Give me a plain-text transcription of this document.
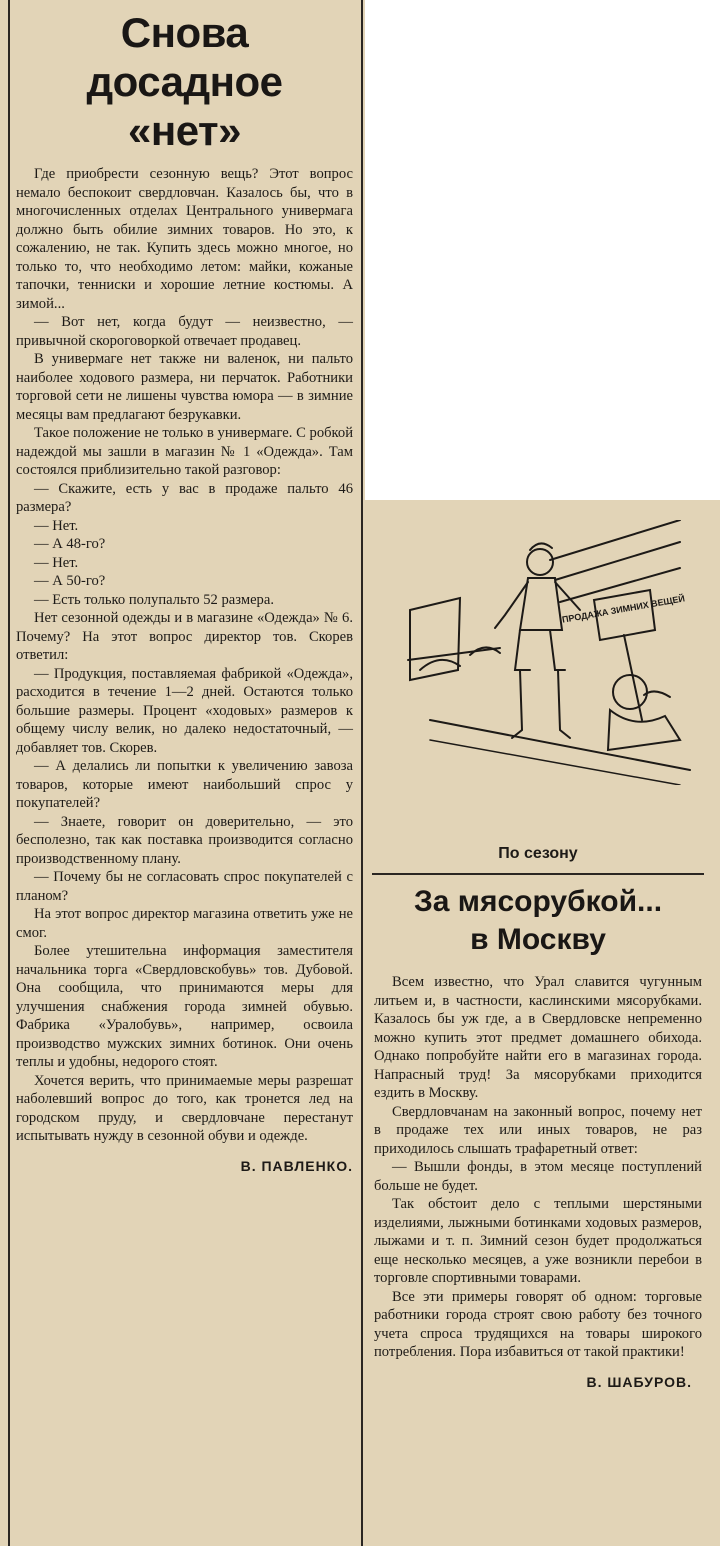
Снова
досадное
«нет»

Где приобрести сезонную вещь? Этот вопрос немало беспокоит свердловчан. Казалось бы, что в многочисленных отделах Центрального универмага должно быть обилие зимних товаров. Но это, к сожалению, не так. Купить здесь можно многое, но только то, что необходимо летом: майки, кожаные тапочки, тенниски и хорошие летние костюмы. А зимой...

— Вот нет, когда будут — неизвестно, — привычной скороговоркой отвечает продавец.

В универмаге нет также ни валенок, ни пальто наиболее ходового размера, ни перчаток. Работники торговой сети не лишены чувства юмора — в зимние месяцы вам предлагают безрукавки.

Такое положение не только в универмаге. С робкой надеждой мы зашли в магазин № 1 «Одежда». Там состоялся приблизительно такой разговор:

— Скажите, есть у вас в продаже пальто 46 размера?

— Нет.

— А 48-го?

— Нет.

— А 50-го?

— Есть только полупальто 52 размера.

Нет сезонной одежды и в магазине «Одежда» № 6. Почему? На этот вопрос директор тов. Скорев ответил:

— Продукция, поставляемая фабрикой «Одежда», расходится в течение 1—2 дней. Остаются только большие размеры. Процент «ходовых» размеров к общему числу велик, но далеко недостаточный, — добавляет тов. Скорев.

— А делались ли попытки к увеличению завоза товаров, которые имеют наибольший спрос у покупателей?

— Знаете, говорит он доверительно, — это бесполезно, так как поставка производится согласно производственному плану.

— Почему бы не согласовать спрос покупателей с планом?

На этот вопрос директор магазина ответить уже не смог.

Более утешительна информация заместителя начальника торга «Свердловскобувь» тов. Дубовой. Она сообщила, что принимаются меры для улучшения снабжения города зимней обувью. Фабрика «Уралобувь», например, освоила производство мужских зимних ботинок. Они очень теплы и удобны, недорого стоят.

Хочется верить, что принимаемые меры разрешат наболевший вопрос до того, как тронется лед на городском пруду, и свердловчане перестанут испытывать нужду в сезонной обуви и одежде.

В. ПАВЛЕНКО.
ПРОДАЖА ЗИМНИХ ВЕЩЕЙ
По сезону
За мясорубкой...
в Москву

Всем известно, что Урал славится чугунным литьем и, в частности, каслинскими мясорубками. Казалось бы уж где, а в Свердловске непременно можно купить этот предмет домашнего обихода. Однако попробуйте найти его в магазинах города. Напрасный труд! За мясорубками приходится ездить в Москву.

Свердловчанам на законный вопрос, почему нет в продаже тех или иных товаров, не раз приходилось слышать трафаретный ответ:

— Вышли фонды, в этом месяце поступлений больше не будет.

Так обстоит дело с теплыми шерстяными изделиями, лыжными ботинками ходовых размеров, лыжами и т. п. Зимний сезон будет продолжаться еще несколько месяцев, а уже возникли перебои в торговле спортивными товарами.

Все эти примеры говорят об одном: торговые работники города строят свою работу без точного учета спроса трудящихся на товары широкого потребления. Пора избавиться от такой практики!

В. ШАБУРОВ.
